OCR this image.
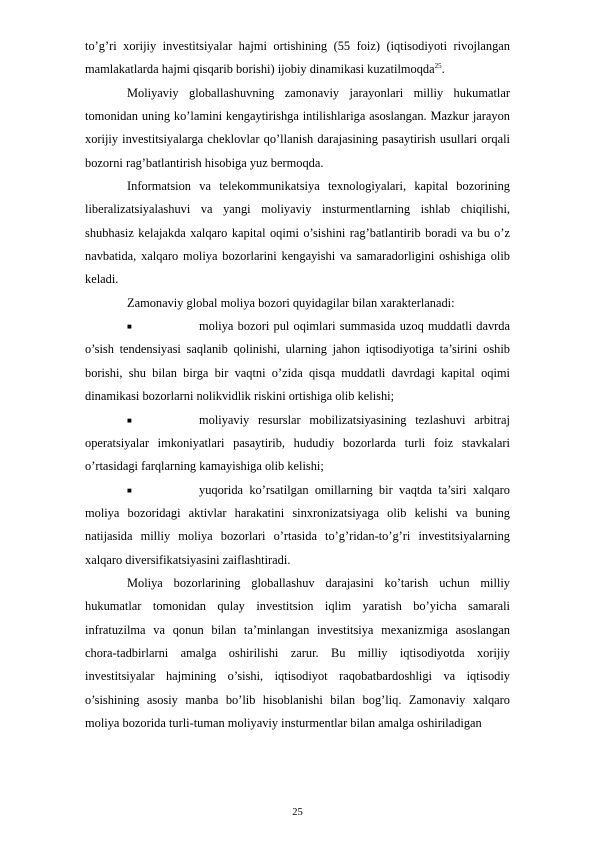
to’g’ri xorijiy investitsiyalar hajmi ortishining (55 foiz) (iqtisodiyoti rivojlangan mamlakatlarda hajmi qisqarib borishi) ijobiy dinamikasi kuzatilmoqda$^{25}$.

Moliyaviy globallashuvning zamonaviy jarayonlari milliy hukumatlar tomonidan uning ko’lamini kengaytirishga intilishlariga asoslangan. Mazkur jarayon xorijiy investitsiyalarga cheklovlar qo’llanish darajasining pasaytirish usullari orqali bozorni rag’batlantirish hisobiga yuz bermoqda.

Informatsion va telekommunikatsiya texnologiyalari, kapital bozorining liberalizatsiyalashuvi va yangi moliyaviy insturmentlarning ishlab chiqilishi, shubhasiz kelajakda xalqaro kapital oqimi o’sishini rag’batlantirib boradi va bu o’z navbatida, xalqaro moliya bozorlarini kengayishi va samaradorligini oshishiga olib keladi.

Zamonaviy global moliya bozori quyidagilar bilan xarakterlanadi:

■	moliya bozori pul oqimlari summasida uzoq muddatli davrda o’sish tendensiyasi saqlanib qolinishi, ularning jahon iqtisodiyotiga ta’sirini oshib borishi, shu bilan birga bir vaqtni o’zida qisqa muddatli davrdagi kapital oqimi dinamikasi bozorlarni nolikvidlik riskini ortishiga olib kelishi;

■	moliyaviy resurslar mobilizatsiyasining tezlashuvi arbitraj operatsiyalar imkoniyatlari pasaytirib, hududiy bozorlarda turli foiz stavkalari o’rtasidagi farqlarning kamayishiga olib kelishi;

■	yuqorida ko’rsatilgan omillarning bir vaqtda ta’siri xalqaro moliya bozoridagi aktivlar harakatini sinxronizatsiyaga olib kelishi va buning natijasida milliy moliya bozorlari o’rtasida to’g’ridan-to’g’ri investitsiyalarning xalqaro diversifikatsiyasini zaiflashtiradi.

Moliya bozorlarining globallashuv darajasini ko’tarish uchun milliy hukumatlar tomonidan qulay investitsion iqlim yaratish bo’yicha samarali infratuzilma va qonun bilan ta’minlangan investitsiya mexanizmiga asoslangan chora-tadbirlarni amalga oshirilishi zarur. Bu milliy iqtisodiyotda xorijiy investitsiyalar hajmining o’sishi, iqtisodiyot raqobatbardoshligi va iqtisodiy o’sishining asosiy manba bo’lib hisoblanishi bilan bog’liq. Zamonaviy xalqaro moliya bozorida turli-tuman moliyaviy insturmentlar bilan amalga oshiriladigan

25
